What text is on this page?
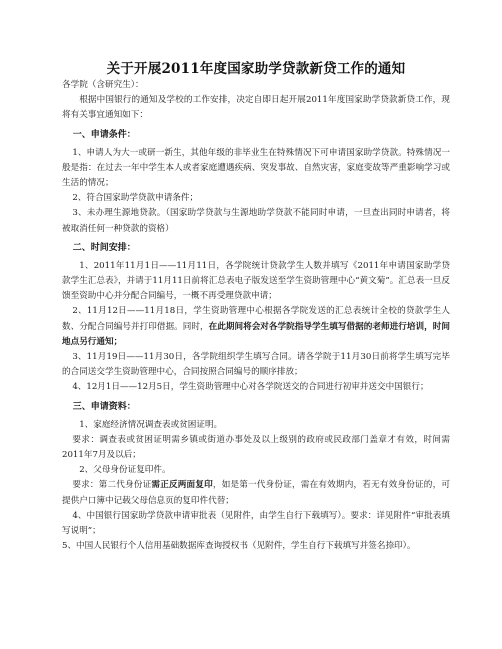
关于开展2011年度国家助学贷款新贷工作的通知

各学院（含研究生）：

根据中国银行的通知及学校的工作安排，决定自即日起开展2011年度国家助学贷款新贷工作，现将有关事宜通知如下：

一、申请条件：

1、申请人为大一或研一新生，其他年级的非毕业生在特殊情况下可申请国家助学贷款。特殊情况一般是指：在过去一年中学生本人或者家庭遭遇疾病、突发事故、自然灾害，家庭变故等严重影响学习或生活的情况；

2、符合国家助学贷款申请条件；

3、未办理生源地贷款。（国家助学贷款与生源地助学贷款不能同时申请，一旦查出同时申请者，将被取消任何一种贷款的资格）

二、时间安排：

1、2011年11月1日——11月11日，各学院统计贷款学生人数并填写《2011年申请国家助学贷款学生汇总表》，并请于11月11日前将汇总表电子版发送至学生资助管理中心“黄文菊”。汇总表一旦反馈至资助中心并分配合同编号，一概不再受理贷款申请；

2、11月12日——11月18日，学生资助管理中心根据各学院发送的汇总表统计全校的贷款学生人数、分配合同编号并打印借据。同时，在此期间将会对各学院指导学生填写借据的老师进行培训，时间地点另行通知；

3、11月19日——11月30日，各学院组织学生填写合同。请各学院于11月30日前将学生填写完毕的合同送交学生资助管理中心，合同按照合同编号的顺序排放；

4、12月1日——12月5日，学生资助管理中心对各学院送交的合同进行初审并送交中国银行；

三、申请资料：

1、家庭经济情况调查表或贫困证明。

要求：调查表或贫困证明需乡镇或街道办事处及以上级别的政府或民政部门盖章才有效，时间需2011年7月及以后；

2、父母身份证复印件。

要求：第二代身份证需正反两面复印，如是第一代身份证，需在有效期内，若无有效身份证的，可提供户口簿中记载父母信息页的复印件代替；

4、中国银行国家助学贷款申请审批表（见附件，由学生自行下载填写）。要求：详见附件“审批表填写说明”；

5、中国人民银行个人信用基础数据库查询授权书（见附件，学生自行下载填写并签名捺印）。
